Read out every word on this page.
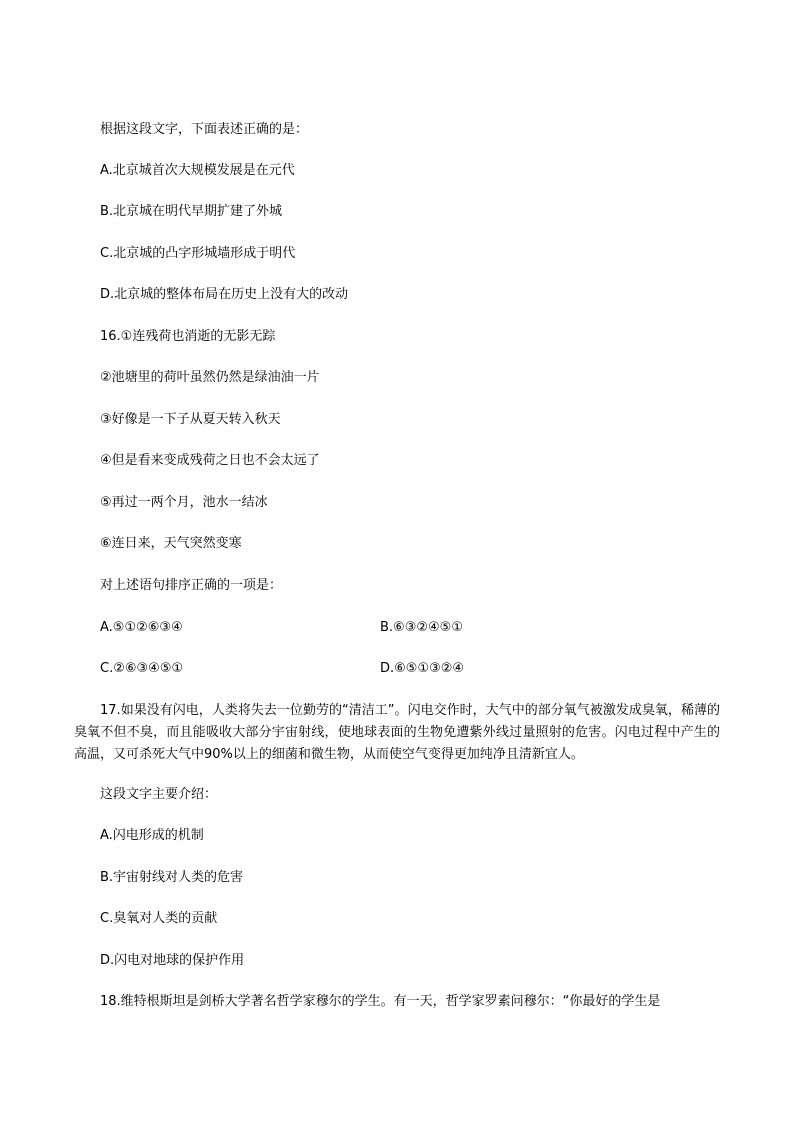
根据这段文字，下面表述正确的是：
A.北京城首次大规模发展是在元代
B.北京城在明代早期扩建了外城
C.北京城的凸字形城墙形成于明代
D.北京城的整体布局在历史上没有大的改动
16.①连残荷也消逝的无影无踪
②池塘里的荷叶虽然仍然是绿油油一片
③好像是一下子从夏天转入秋天
④但是看来变成残荷之日也不会太远了
⑤再过一两个月，池水一结冰
⑥连日来，天气突然变寒
对上述语句排序正确的一项是：
A.⑤①②⑥③④	B.⑥③②④⑤①
C.②⑥③④⑤①	D.⑥⑤①③②④

17.如果没有闪电，人类将失去一位勤劳的“清洁工”。闪电交作时，大气中的部分氧气被激发成臭氧，稀薄的臭氧不但不臭，而且能吸收大部分宇宙射线，使地球表面的生物免遭紫外线过量照射的危害。闪电过程中产生的高温，又可杀死大气中90%以上的细菌和微生物，从而使空气变得更加纯净且清新宜人。

这段文字主要介绍：
A.闪电形成的机制
B.宇宙射线对人类的危害
C.臭氧对人类的贡献
D.闪电对地球的保护作用
18.维特根斯坦是剑桥大学著名哲学家穆尔的学生。有一天，哲学家罗素问穆尔：“你最好的学生是
